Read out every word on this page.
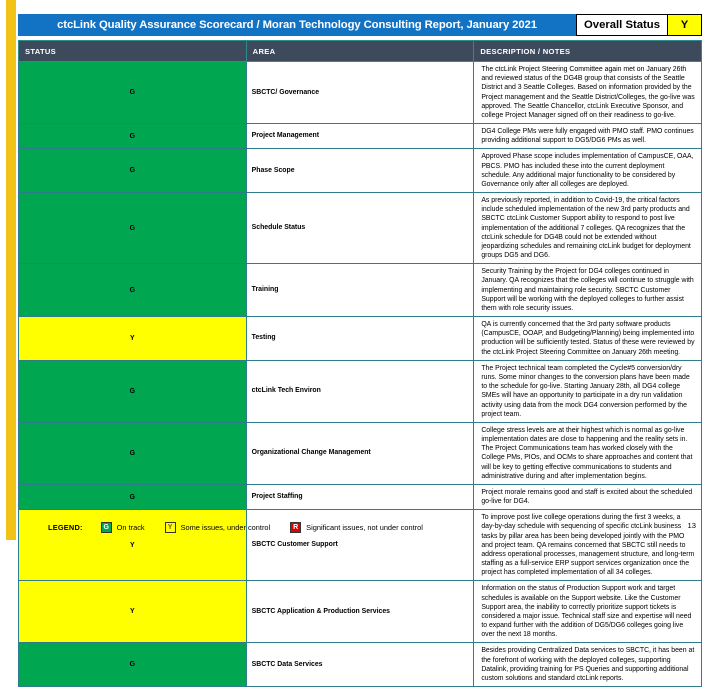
ctcLink Quality Assurance Scorecard / Moran Technology Consulting Report, January 2021	Overall Status	Y
STATUS	AREA	DESCRIPTION / NOTES
G	SBCTC/ Governance	The ctcLink Project Steering Committee again met on January 26th and reviewed status of the DG4B group that consists of the Seattle District and 3 Seattle Colleges. Based on information provided by the Project management and the Seattle District/Colleges, the go-live was approved. The Seattle Chancellor, ctcLink Executive Sponsor, and college Project Manager signed off on their readiness to go-live.
G	Project Management	DG4 College PMs were fully engaged with PMO staff. PMO continues providing additional support to DG5/DG6 PMs as well.
G	Phase Scope	Approved Phase scope includes implementation of CampusCE, OAA, PBCS. PMO has included these into the current deployment schedule. Any additional major functionality to be considered by Governance only after all colleges are deployed.
G	Schedule Status	As previously reported, in addition to Covid-19, the critical factors include scheduled implementation of the new 3rd party products and SBCTC ctcLink Customer Support ability to respond to post live implementation of the additional 7 colleges. QA recognizes that the ctcLink schedule for DG4B could not be extended without jeopardizing schedules and remaining ctcLink budget for deployment groups DG5 and DG6.
G	Training	Security Training by the Project for DG4 colleges continued in January. QA recognizes that the colleges will continue to struggle with implementing and maintaining role security. SBCTC Customer Support will be working with the deployed colleges to further assist them with role security issues.
Y	Testing	QA is currently concerned that the 3rd party software products (CampusCE, OOAP, and Budgeting/Planning) being implemented into production will be sufficiently tested. Status of these were reviewed by the ctcLink Project Steering Committee on January 26th meeting.
G	ctcLink Tech Environ	The Project technical team completed the Cycle#5 conversion/dry runs. Some minor changes to the conversion plans have been made to the schedule for go-live. Starting January 28th, all DG4 college SMEs will have an opportunity to participate in a dry run validation activity using data from the mock DG4 conversion performed by the project team.
G	Organizational Change Management	College stress levels are at their highest which is normal as go-live implementation dates are close to happening and the reality sets in. The Project Communications team has worked closely with the College PMs, PIOs, and OCMs to share approaches and content that will be key to getting effective communications to students and administrative during and after implementation begins.
G	Project Staffing	Project morale remains good and staff is excited about the scheduled go-live for DG4.
Y	SBCTC Customer Support	To improve post live college operations during the first 3 weeks, a day-by-day schedule with sequencing of specific ctcLink business tasks by pillar area has been being developed jointly with the PMO and project team. QA remains concerned that SBCTC still needs to address operational processes, management structure, and long-term staffing as a full-service ERP support services organization once the project has completed implementation of all 34 colleges.
Y	SBCTC Application & Production Services	Information on the status of Production Support work and target schedules is available on the Support website. Like the Customer Support area, the inability to correctly prioritize support tickets is considered a major issue. Technical staff size and expertise will need to expand further with the addition of DG5/DG6 colleges going live over the next 18 months.
G	SBCTC Data Services	Besides providing Centralized Data services to SBCTC, it has been at the forefront of working with the deployed colleges, supporting Datalink, providing training for PS Queries and supporting additional custom solutions and standard ctcLink reports.
LEGEND:	G	On track	Y	Some issues, under control	R	Significant issues, not under control	13
